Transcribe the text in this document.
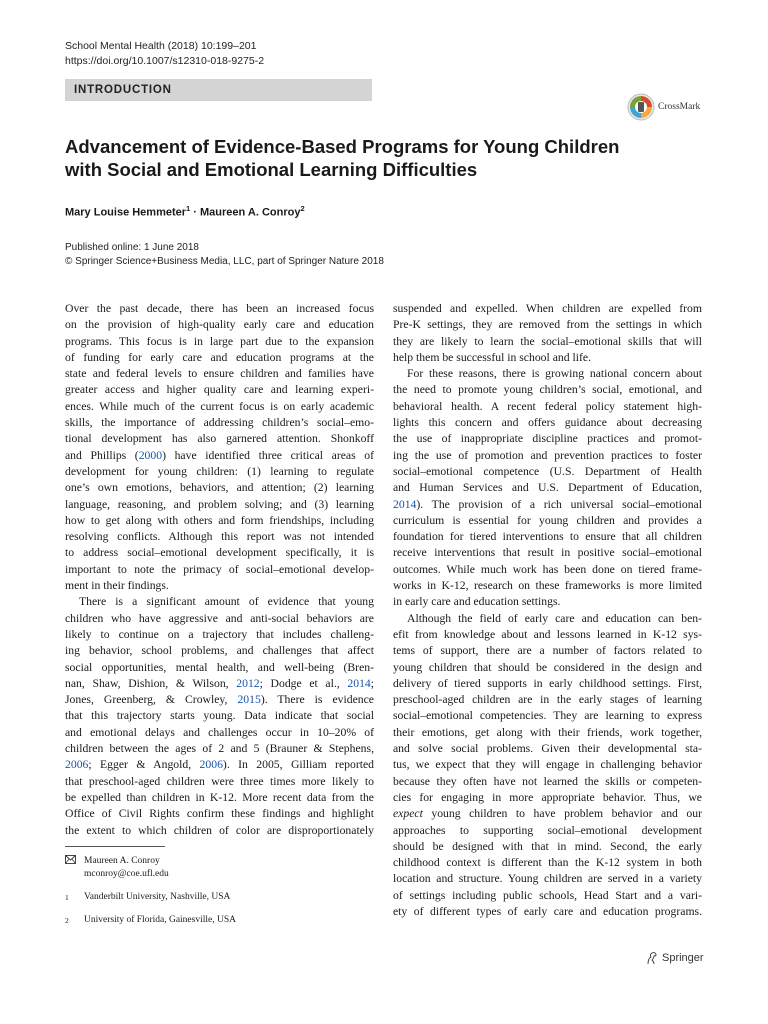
School Mental Health (2018) 10:199–201
https://doi.org/10.1007/s12310-018-9275-2
INTRODUCTION
CrossMark
Advancement of Evidence-Based Programs for Young Children
with Social and Emotional Learning Difficulties
Mary Louise Hemmeter$^1$ · Maureen A. Conroy$^2$
Published online: 1 June 2018
© Springer Science+Business Media, LLC, part of Springer Nature 2018
Over the past decade, there has been an increased focus
on the provision of high-quality early care and education
programs. This focus is in large part due to the expansion
of funding for early care and education programs at the
state and federal levels to ensure children and families have
greater access and higher quality care and learning experi-
ences. While much of the current focus is on early academic
skills, the importance of addressing children’s social–emo-
tional development has also garnered attention. Shonkoff
and Phillips (2000) have identified three critical areas of
development for young children: (1) learning to regulate
one’s own emotions, behaviors, and attention; (2) learning
language, reasoning, and problem solving; and (3) learning
how to get along with others and form friendships, including
resolving conflicts. Although this report was not intended
to address social–emotional development specifically, it is
important to note the primacy of social–emotional develop-
ment in their findings.
There is a significant amount of evidence that young
children who have aggressive and anti-social behaviors are
likely to continue on a trajectory that includes challeng-
ing behavior, school problems, and challenges that affect
social opportunities, mental health, and well-being (Bren-
nan, Shaw, Dishion, & Wilson, 2012; Dodge et al., 2014;
Jones, Greenberg, & Crowley, 2015). There is evidence
that this trajectory starts young. Data indicate that social
and emotional delays and challenges occur in 10–20% of
children between the ages of 2 and 5 (Brauner & Stephens,
2006; Egger & Angold, 2006). In 2005, Gilliam reported
that preschool-aged children were three times more likely to
be expelled than children in K-12. More recent data from the
Office of Civil Rights confirm these findings and highlight
the extent to which children of color are disproportionately
suspended and expelled. When children are expelled from
Pre-K settings, they are removed from the settings in which
they are likely to learn the social–emotional skills that will
help them be successful in school and life.
For these reasons, there is growing national concern about
the need to promote young children’s social, emotional, and
behavioral health. A recent federal policy statement high-
lights this concern and offers guidance about decreasing
the use of inappropriate discipline practices and promot-
ing the use of promotion and prevention practices to foster
social–emotional competence (U.S. Department of Health
and Human Services and U.S. Department of Education,
2014). The provision of a rich universal social–emotional
curriculum is essential for young children and provides a
foundation for tiered interventions to ensure that all children
receive interventions that result in positive social–emotional
outcomes. While much work has been done on tiered frame-
works in K-12, research on these frameworks is more limited
in early care and education settings.
Although the field of early care and education can ben-
efit from knowledge about and lessons learned in K-12 sys-
tems of support, there are a number of factors related to
young children that should be considered in the design and
delivery of tiered supports in early childhood settings. First,
preschool-aged children are in the early stages of learning
social–emotional competencies. They are learning to express
their emotions, get along with their friends, work together,
and solve social problems. Given their developmental sta-
tus, we expect that they will engage in challenging behavior
because they often have not learned the skills or competen-
cies for engaging in more appropriate behavior. Thus, we
expect young children to have problem behavior and our
approaches to supporting social–emotional development
should be designed with that in mind. Second, the early
childhood context is different than the K-12 system in both
location and structure. Young children are served in a variety
of settings including public schools, Head Start and a vari-
ety of different types of early care and education programs.
Maureen A. Conroy
mconroy@coe.ufl.edu
1	Vanderbilt University, Nashville, USA
2	University of Florida, Gainesville, USA
Springer
